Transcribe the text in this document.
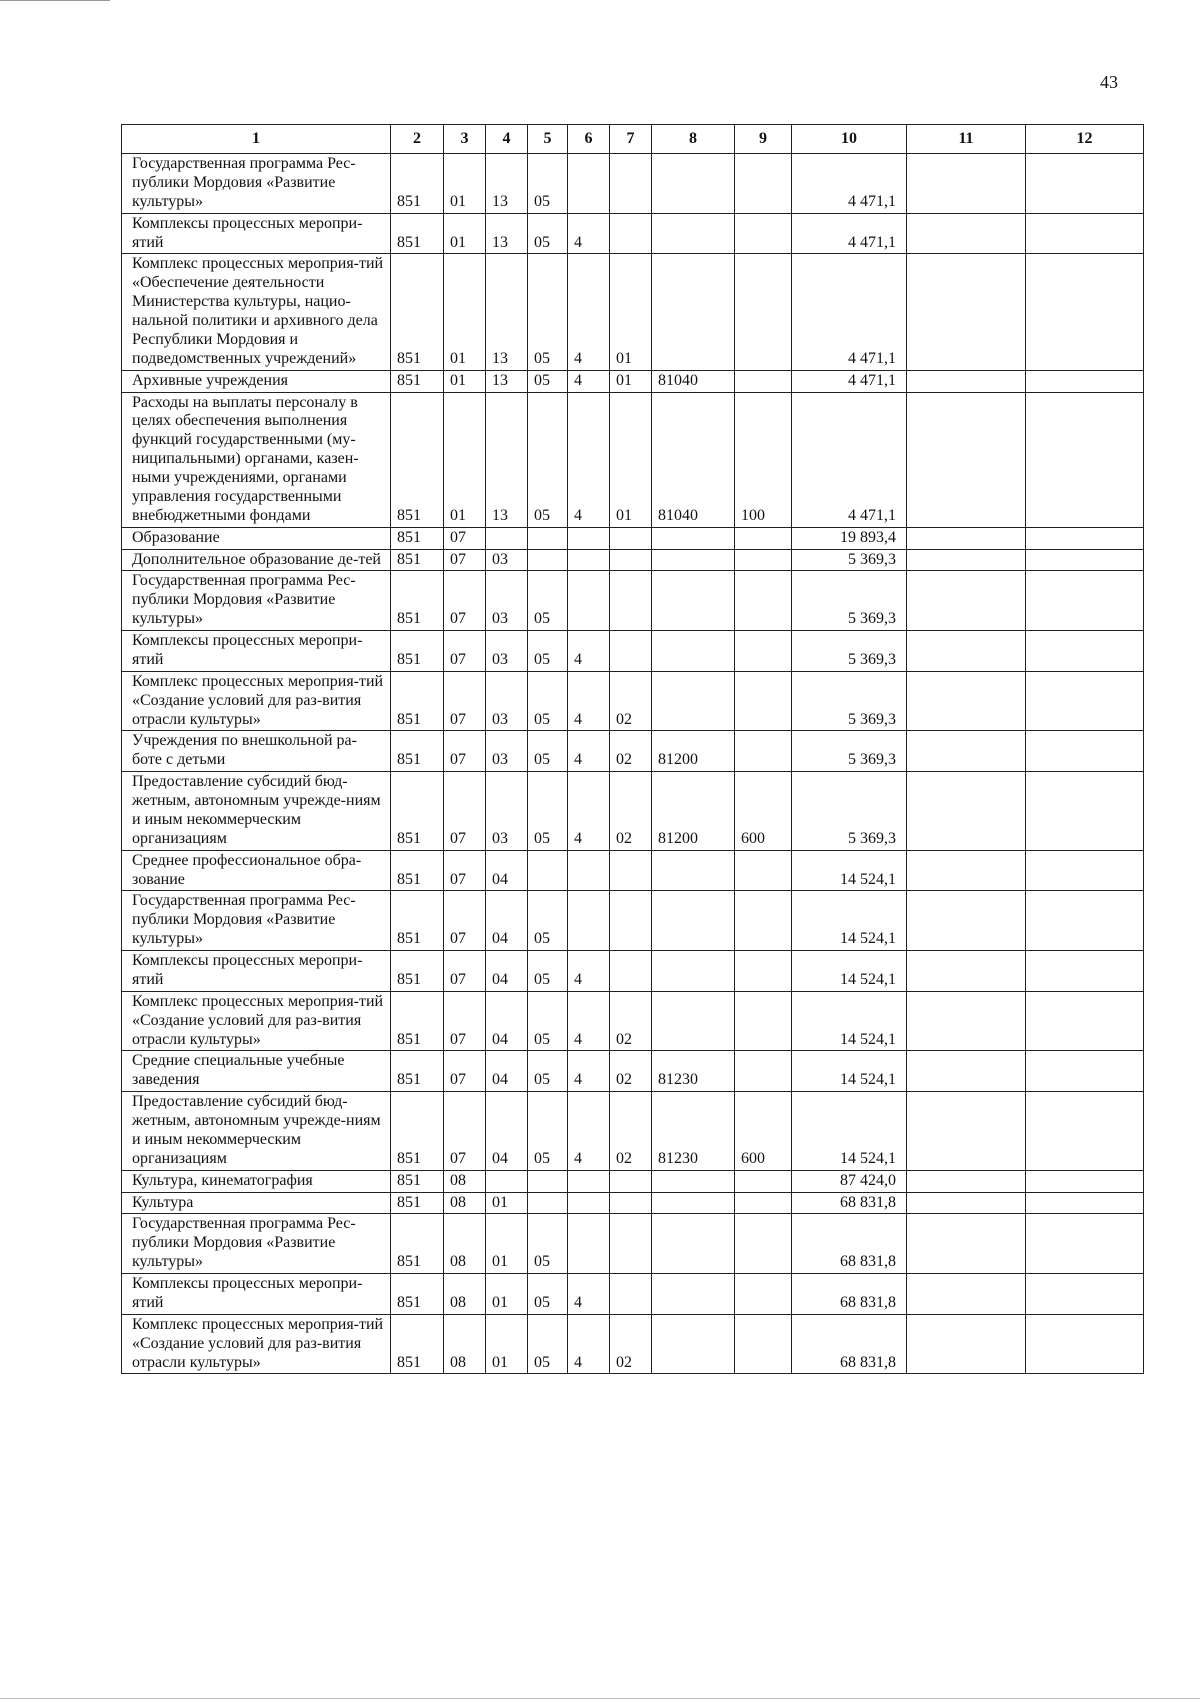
43
1	2	3	4	5	6	7	8	9	10	11	12
Государственная программа Рес-публики Мордовия «Развитие культуры»	851	01	13	05					4 471,1		
Комплексы процессных меропри-ятий	851	01	13	05	4				4 471,1		
Комплекс процессных мероприя-тий «Обеспечение деятельности Министерства культуры, нацио-нальной политики и архивного дела Республики Мордовия и подведомственных учреждений»	851	01	13	05	4	01			4 471,1		
Архивные учреждения	851	01	13	05	4	01	81040		4 471,1		
Расходы на выплаты персоналу в целях обеспечения выполнения функций государственными (му-ниципальными) органами, казен-ными учреждениями, органами управления государственными внебюджетными фондами	851	01	13	05	4	01	81040	100	4 471,1		
Образование	851	07							19 893,4		
Дополнительное образование де-тей	851	07	03						5 369,3		
Государственная программа Рес-публики Мордовия «Развитие культуры»	851	07	03	05					5 369,3		
Комплексы процессных меропри-ятий	851	07	03	05	4				5 369,3		
Комплекс процессных мероприя-тий «Создание условий для раз-вития отрасли культуры»	851	07	03	05	4	02			5 369,3		
Учреждения по внешкольной ра-боте с детьми	851	07	03	05	4	02	81200		5 369,3		
Предоставление субсидий бюд-жетным, автономным учрежде-ниям и иным некоммерческим организациям	851	07	03	05	4	02	81200	600	5 369,3		
Среднее профессиональное обра-зование	851	07	04						14 524,1		
Государственная программа Рес-публики Мордовия «Развитие культуры»	851	07	04	05					14 524,1		
Комплексы процессных меропри-ятий	851	07	04	05	4				14 524,1		
Комплекс процессных мероприя-тий «Создание условий для раз-вития отрасли культуры»	851	07	04	05	4	02			14 524,1		
Средние специальные учебные заведения	851	07	04	05	4	02	81230		14 524,1		
Предоставление субсидий бюд-жетным, автономным учрежде-ниям и иным некоммерческим организациям	851	07	04	05	4	02	81230	600	14 524,1		
Культура, кинематография	851	08							87 424,0		
Культура	851	08	01						68 831,8		
Государственная программа Рес-публики Мордовия «Развитие культуры»	851	08	01	05					68 831,8		
Комплексы процессных меропри-ятий	851	08	01	05	4				68 831,8		
Комплекс процессных мероприя-тий «Создание условий для раз-вития отрасли культуры»	851	08	01	05	4	02			68 831,8		
